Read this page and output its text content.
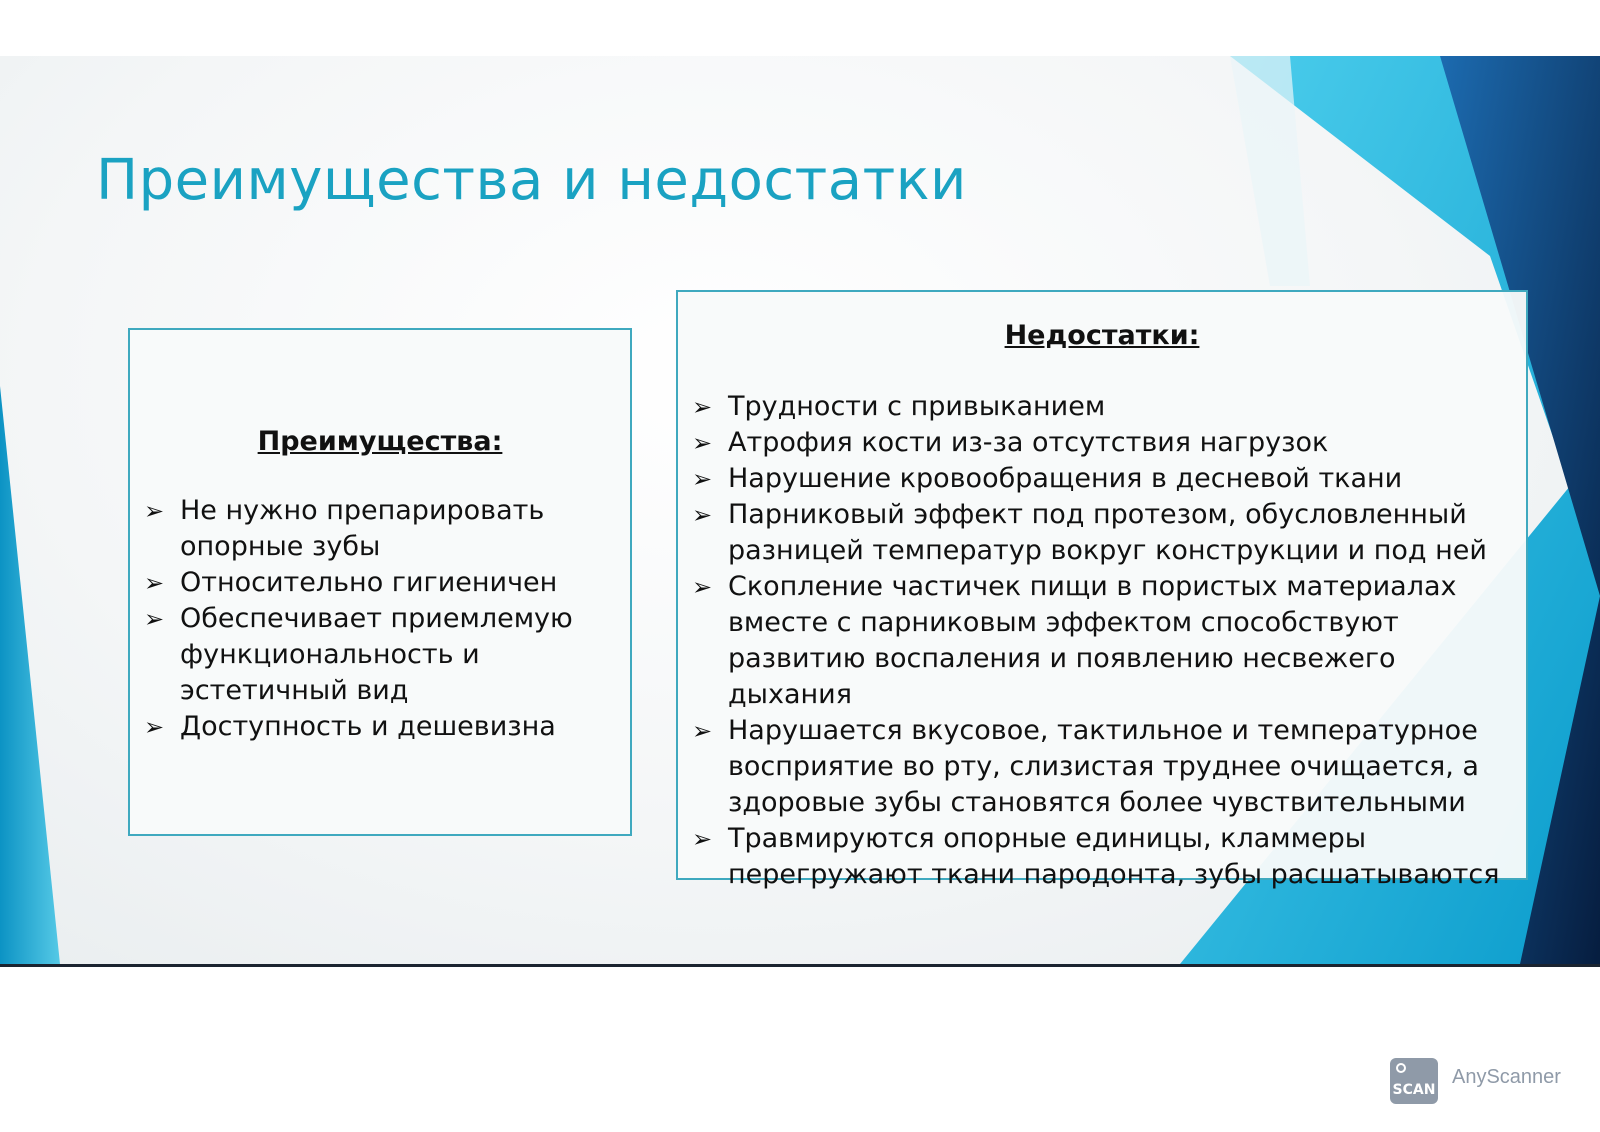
Преимущества и недостатки

Преимущества:

➢ Не нужно препарировать опорные зубы
➢ Относительно гигиеничен
➢ Обеспечивает приемлемую функциональность и эстетичный вид
➢ Доступность и дешевизна

Недостатки:

➢ Трудности с привыканием
➢ Атрофия кости из-за отсутствия нагрузок
➢ Нарушение кровообращения в десневой ткани
➢ Парниковый эффект под протезом, обусловленный разницей температур вокруг конструкции и под ней
➢ Скопление частичек пищи в пористых материалах вместе с парниковым эффектом способствуют развитию воспаления и появлению несвежего дыхания
➢ Нарушается вкусовое, тактильное и температурное восприятие во рту, слизистая труднее очищается, а здоровые зубы становятся более чувствительными
➢ Травмируются опорные единицы, кламмеры перегружают ткани пародонта, зубы расшатываются
SCAN
AnyScanner
